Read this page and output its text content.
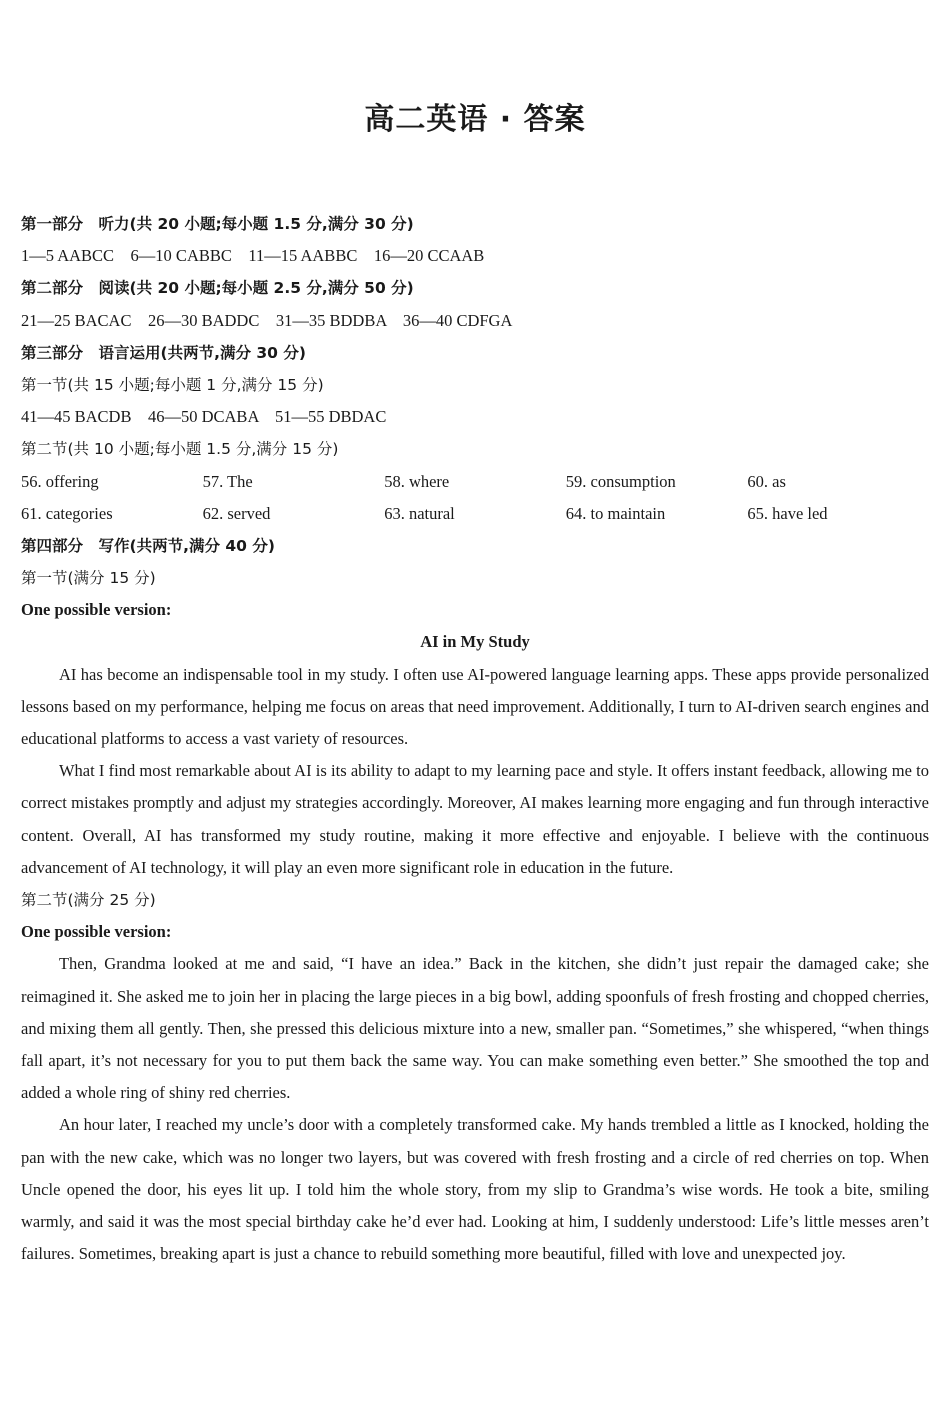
高二英语 · 答案
第一部分　听力(共 20 小题;每小题 1.5 分,满分 30 分)
1—5 AABCC　6—10 CABBC　11—15 AABBC　16—20 CCAAB
第二部分　阅读(共 20 小题;每小题 2.5 分,满分 50 分)
21—25 BACAC　26—30 BADDC　31—35 BDDBA　36—40 CDFGA
第三部分　语言运用(共两节,满分 30 分)
第一节(共 15 小题;每小题 1 分,满分 15 分)
41—45 BACDB　46—50 DCABA　51—55 DBDAC
第二节(共 10 小题;每小题 1.5 分,满分 15 分)
56. offering	57. The	58. where	59. consumption	60. as
61. categories	62. served	63. natural	64. to maintain	65. have led
第四部分　写作(共两节,满分 40 分)
第一节(满分 15 分)
One possible version:
AI in My Study

AI has become an indispensable tool in my study. I often use AI-powered language learning apps. These apps provide personalized lessons based on my performance, helping me focus on areas that need improvement. Additionally, I turn to AI-driven search engines and educational platforms to access a vast variety of resources.

What I find most remarkable about AI is its ability to adapt to my learning pace and style. It offers instant feedback, allowing me to correct mistakes promptly and adjust my strategies accordingly. Moreover, AI makes learning more engaging and fun through interactive content. Overall, AI has transformed my study routine, making it more effective and enjoyable. I believe with the continuous advancement of AI technology, it will play an even more significant role in education in the future.

第二节(满分 25 分)
One possible version:

Then, Grandma looked at me and said, “I have an idea.” Back in the kitchen, she didn’t just repair the damaged cake; she reimagined it. She asked me to join her in placing the large pieces in a big bowl, adding spoonfuls of fresh frosting and chopped cherries, and mixing them all gently. Then, she pressed this delicious mixture into a new, smaller pan. “Sometimes,” she whispered, “when things fall apart, it’s not necessary for you to put them back the same way. You can make something even better.” She smoothed the top and added a whole ring of shiny red cherries.

An hour later, I reached my uncle’s door with a completely transformed cake. My hands trembled a little as I knocked, holding the pan with the new cake, which was no longer two layers, but was covered with fresh frosting and a circle of red cherries on top. When Uncle opened the door, his eyes lit up. I told him the whole story, from my slip to Grandma’s wise words. He took a bite, smiling warmly, and said it was the most special birthday cake he’d ever had. Looking at him, I suddenly understood: Life’s little messes aren’t failures. Sometimes, breaking apart is just a chance to rebuild something more beautiful, filled with love and unexpected joy.
